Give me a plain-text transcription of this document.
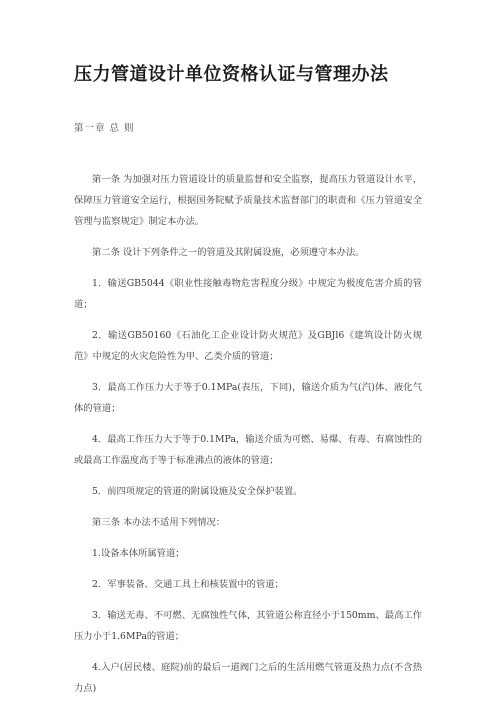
压力管道设计单位资格认证与管理办法
第一章 总 则

第一条 为加强对压力管道设计的质量监督和安全监察，提高压力管道设计水平，保障压力管道安全运行，根据国务院赋予质量技术监督部门的职责和《压力管道安全管理与监察规定》制定本办法。

第二条 设计下列条件之一的管道及其附属设施，必须遵守本办法。

1．输送GB5044《职业性接触毒物危害程度分级》中规定为极度危害介质的管道；

2．输送GB50160《石油化工企业设计防火规范》及GBJl6《建筑设计防火规范》中规定的火灾危险性为甲、乙类介质的管道；

3．最高工作压力大于等于0.1MPa(表压，下同)，输送介质为气(汽)体、液化气体的管道；

4．最高工作压力大于等于0.1MPa，输送介质为可燃、易爆、有毒、有腐蚀性的或最高工作温度高于等于标准沸点的液体的管道；

5．前四项规定的管道的附属设施及安全保护装置。

第三条 本办法不适用下列情况：

1.设备本体所属管道；

2．军事装备、交通工具上和核装置中的管道；

3．输送无毒、不可燃、无腐蚀性气体，其管道公称直径小于150mm、最高工作压力小于1.6MPa的管道；

4.入户(居民楼、庭院)前的最后一道阀门之后的生活用燃气管道及热力点(不含热力点)
